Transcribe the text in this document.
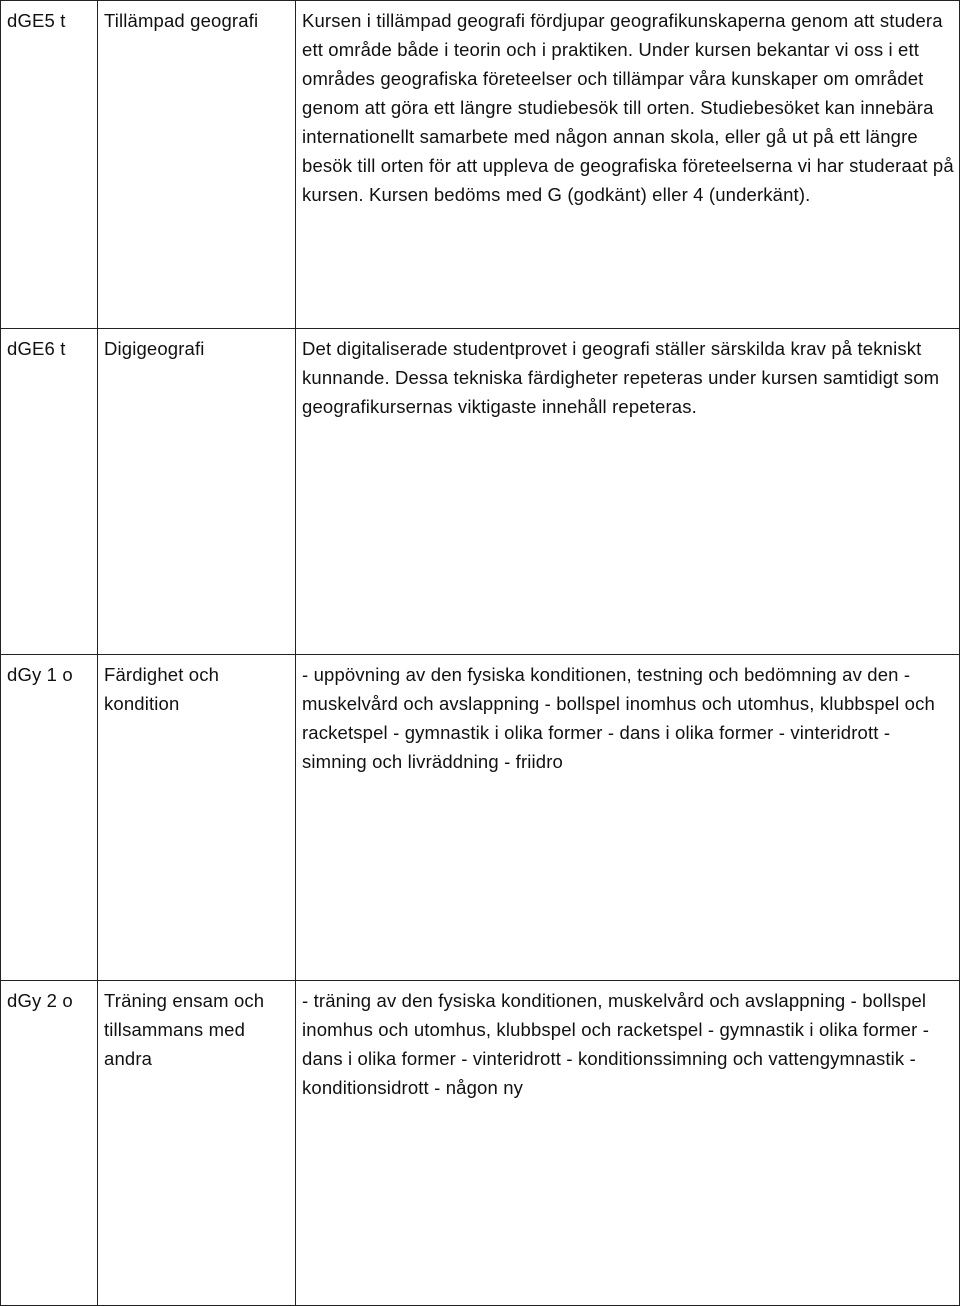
dGE5 t	Tillämpad geografi	Kursen i tillämpad geografi fördjupar geografikunskaperna genom att studera ett område både i teorin och i praktiken. Under kursen bekantar vi oss i ett områdes geografiska företeelser och tillämpar våra kunskaper om området genom att göra ett längre studiebesök till orten. Studiebesöket kan innebära internationellt samarbete med någon annan skola, eller gå ut på ett längre besök till orten för att uppleva de geografiska företeelserna vi har studeraat på kursen. Kursen bedöms med G (godkänt) eller 4 (underkänt).
dGE6 t	Digigeografi	Det digitaliserade studentprovet i geografi ställer särskilda krav på tekniskt kunnande. Dessa tekniska färdigheter repeteras under kursen samtidigt som geografikursernas viktigaste innehåll repeteras.
dGy 1 o	Färdighet och kondition	- uppövning av den fysiska konditionen, testning och bedömning av den - muskelvård och avslappning - bollspel inomhus och utomhus, klubbspel och racketspel - gymnastik i olika former - dans i olika former - vinteridrott - simning och livräddning - friidro
dGy 2 o	Träning ensam och tillsammans med andra	- träning av den fysiska konditionen, muskelvård och avslappning - bollspel inomhus och utomhus, klubbspel och racketspel - gymnastik i olika former - dans i olika former - vinteridrott - konditionssimning och vattengymnastik - konditionsidrott - någon ny
